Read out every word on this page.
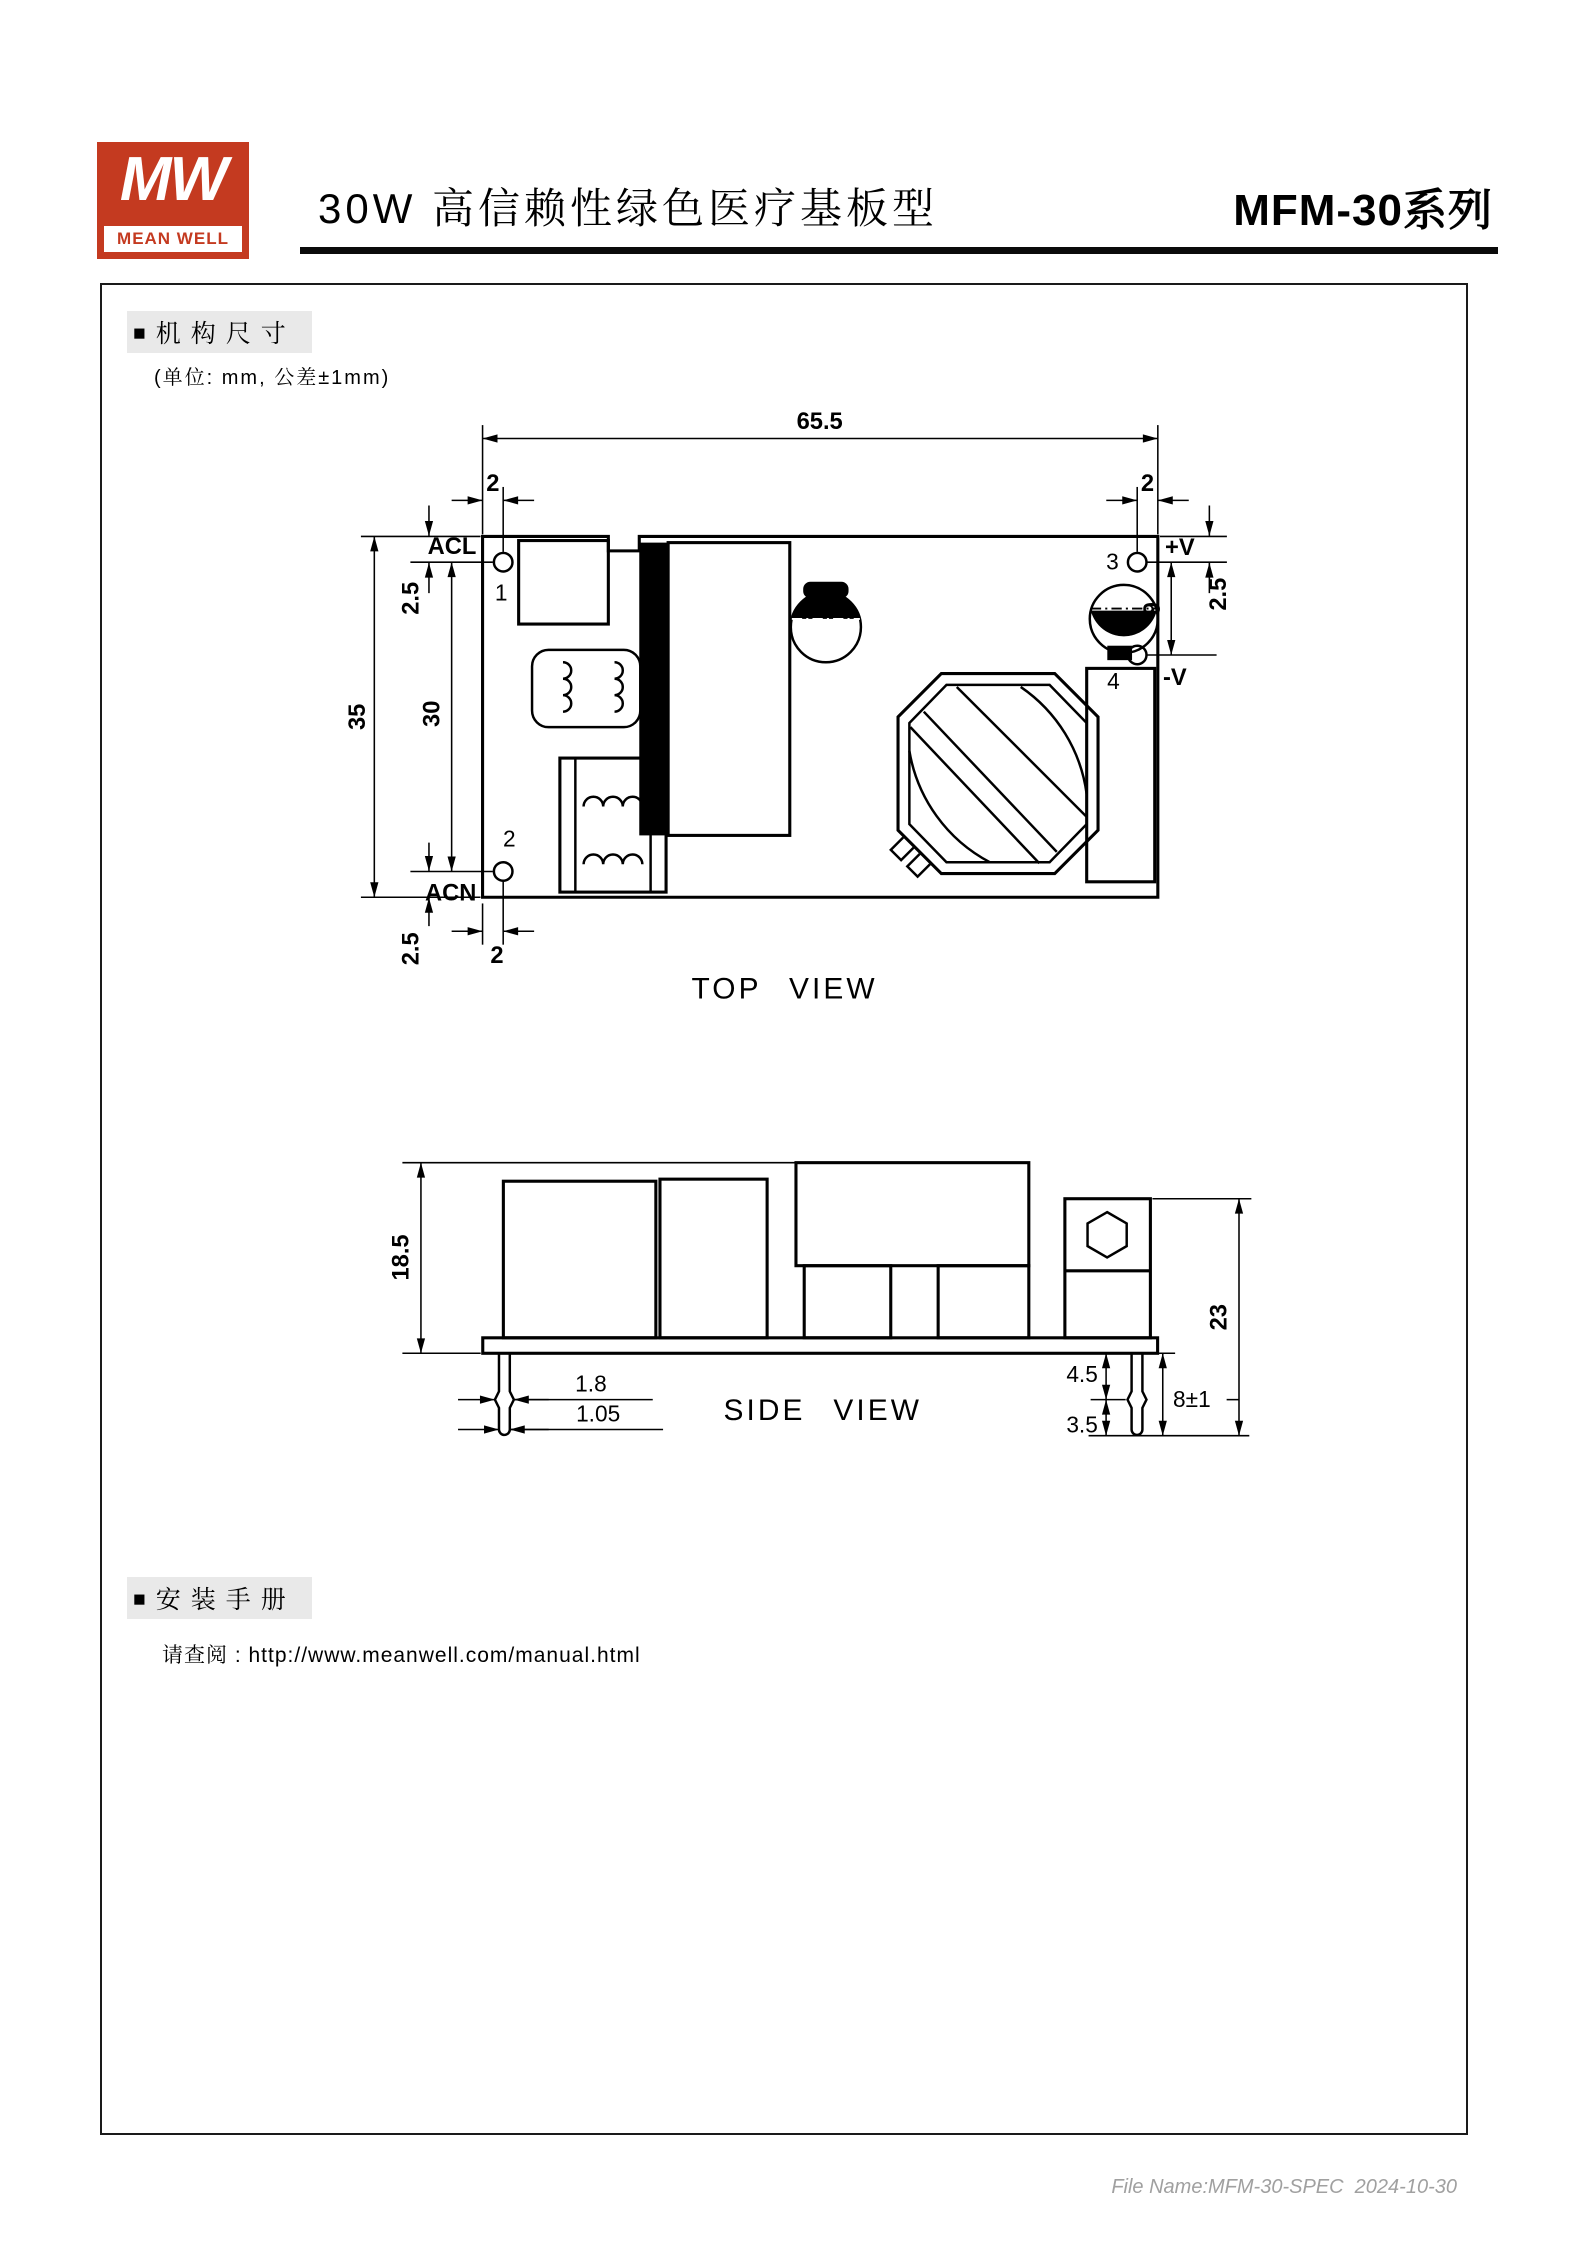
MW
MEAN WELL
30W 高信赖性绿色医疗基板型	MFM-30系列
■ 机构尺寸
(单位: mm, 公差±1mm)
65.5
2	2
2.5
35 30
2.5	2
2.5
9
ACL
1
2
ACN
3
+V
4 -V
TOP VIEW
18.5
1.8
1.05
4.5
3.5
8±1
23
SIDE VIEW
■ 安装手册
请查阅 : http://www.meanwell.com/manual.html
File Name:MFM-30-SPEC  2024-10-30
